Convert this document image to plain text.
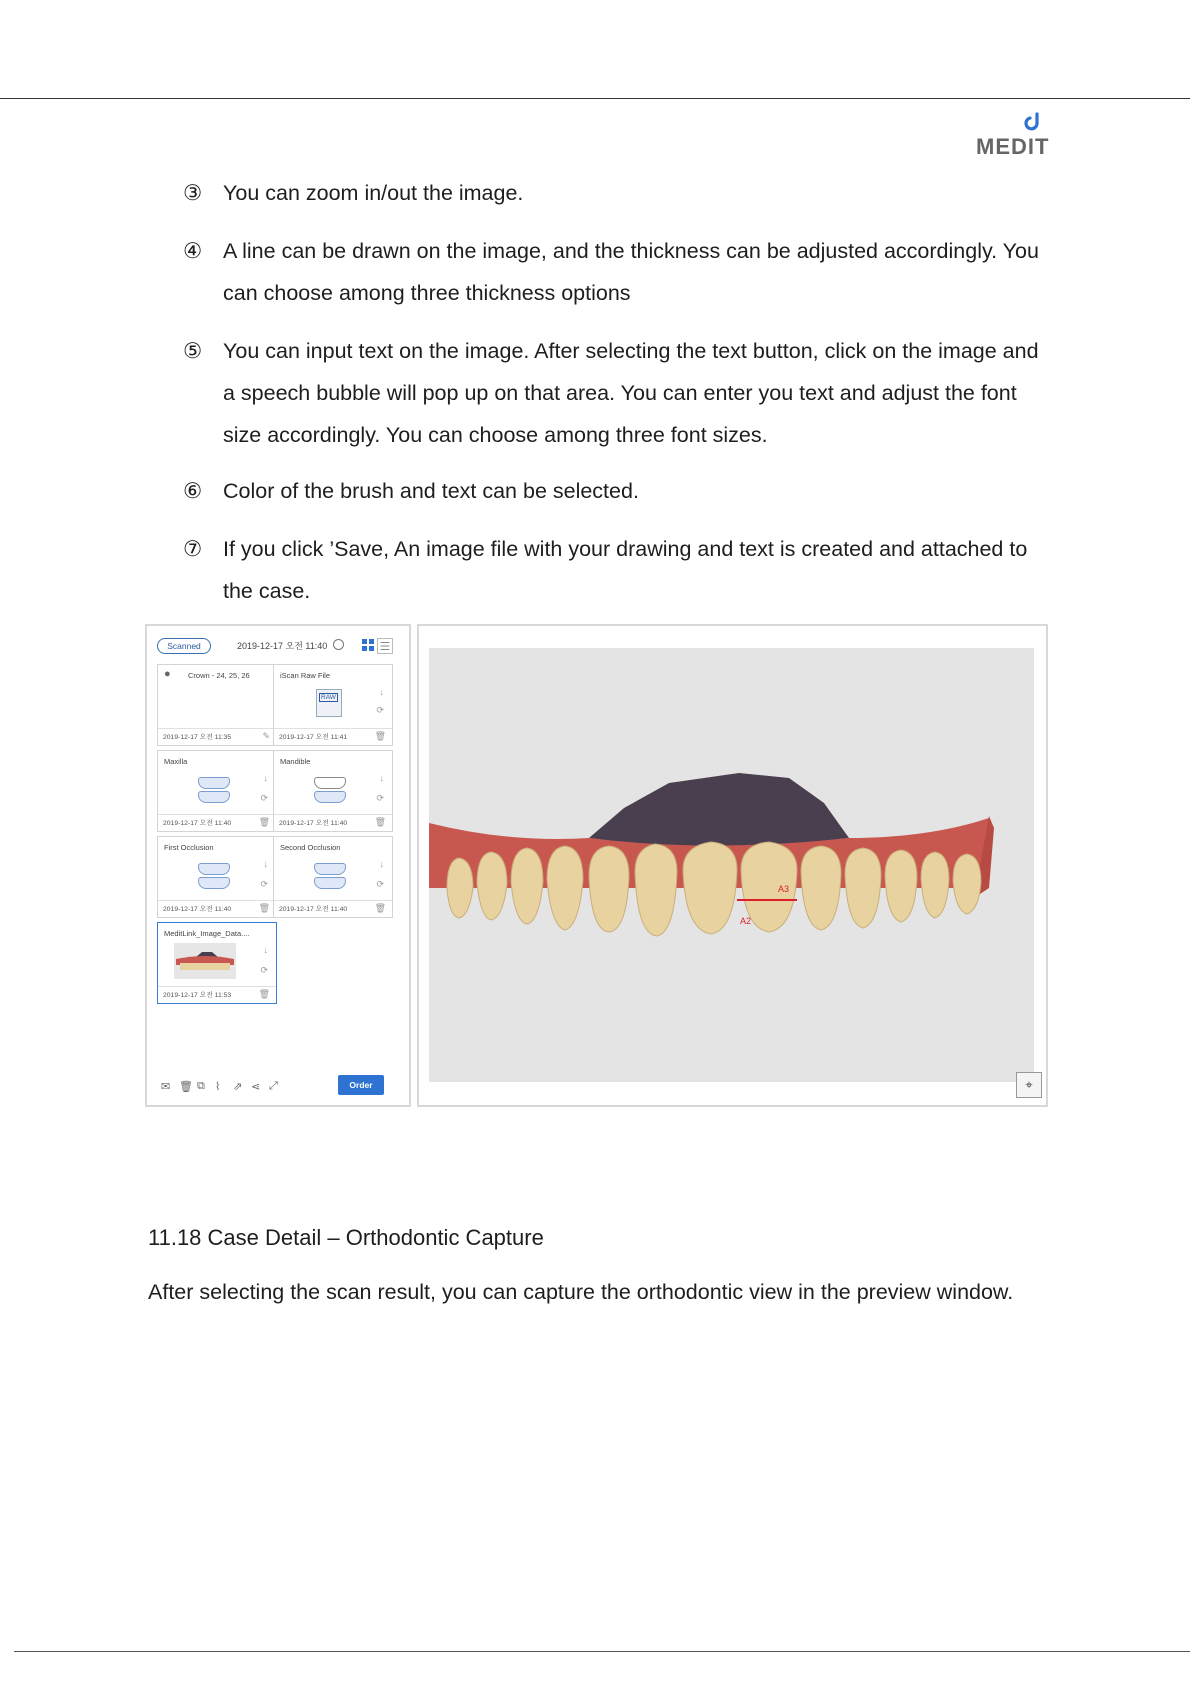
MEDIT
③ You can zoom in/out the image.
④ A line can be drawn on the image, and the thickness can be adjusted accordingly. You can choose among three thickness options
⑤ You can input text on the image. After selecting the text button, click on the image and a speech bubble will pop up on that area. You can enter you text and adjust the font size accordingly. You can choose among three font sizes.
⑥ Color of the brush and text can be selected.
⑦ If you click ’Save, An image file with your drawing and text is created and attached to the case.
Scanned	2019-12-17 오전 11:40
● Crown - 24, 25, 26
2019-12-17 오전 11:35	✎
iScan Raw File
RAW
↓
⟳
2019-12-17 오전 11:41	🗑
Maxilla
↓
⟳
2019-12-17 오전 11:40	🗑
Mandible
↓
⟳
2019-12-17 오전 11:40	🗑
First Occlusion
↓
⟳
2019-12-17 오전 11:40	🗑
Second Occlusion
↓
⟳
2019-12-17 오전 11:40	🗑
MeditLink_Image_Data....
↓
⟳
2019-12-17 오전 11:53	🗑
✉ 🗑 ⧉ ⌇ ⇗ ⋖ ⤢	Order
A3
A2
⌖
11.18 Case Detail – Orthodontic Capture
After selecting the scan result, you can capture the orthodontic view in the preview window.
